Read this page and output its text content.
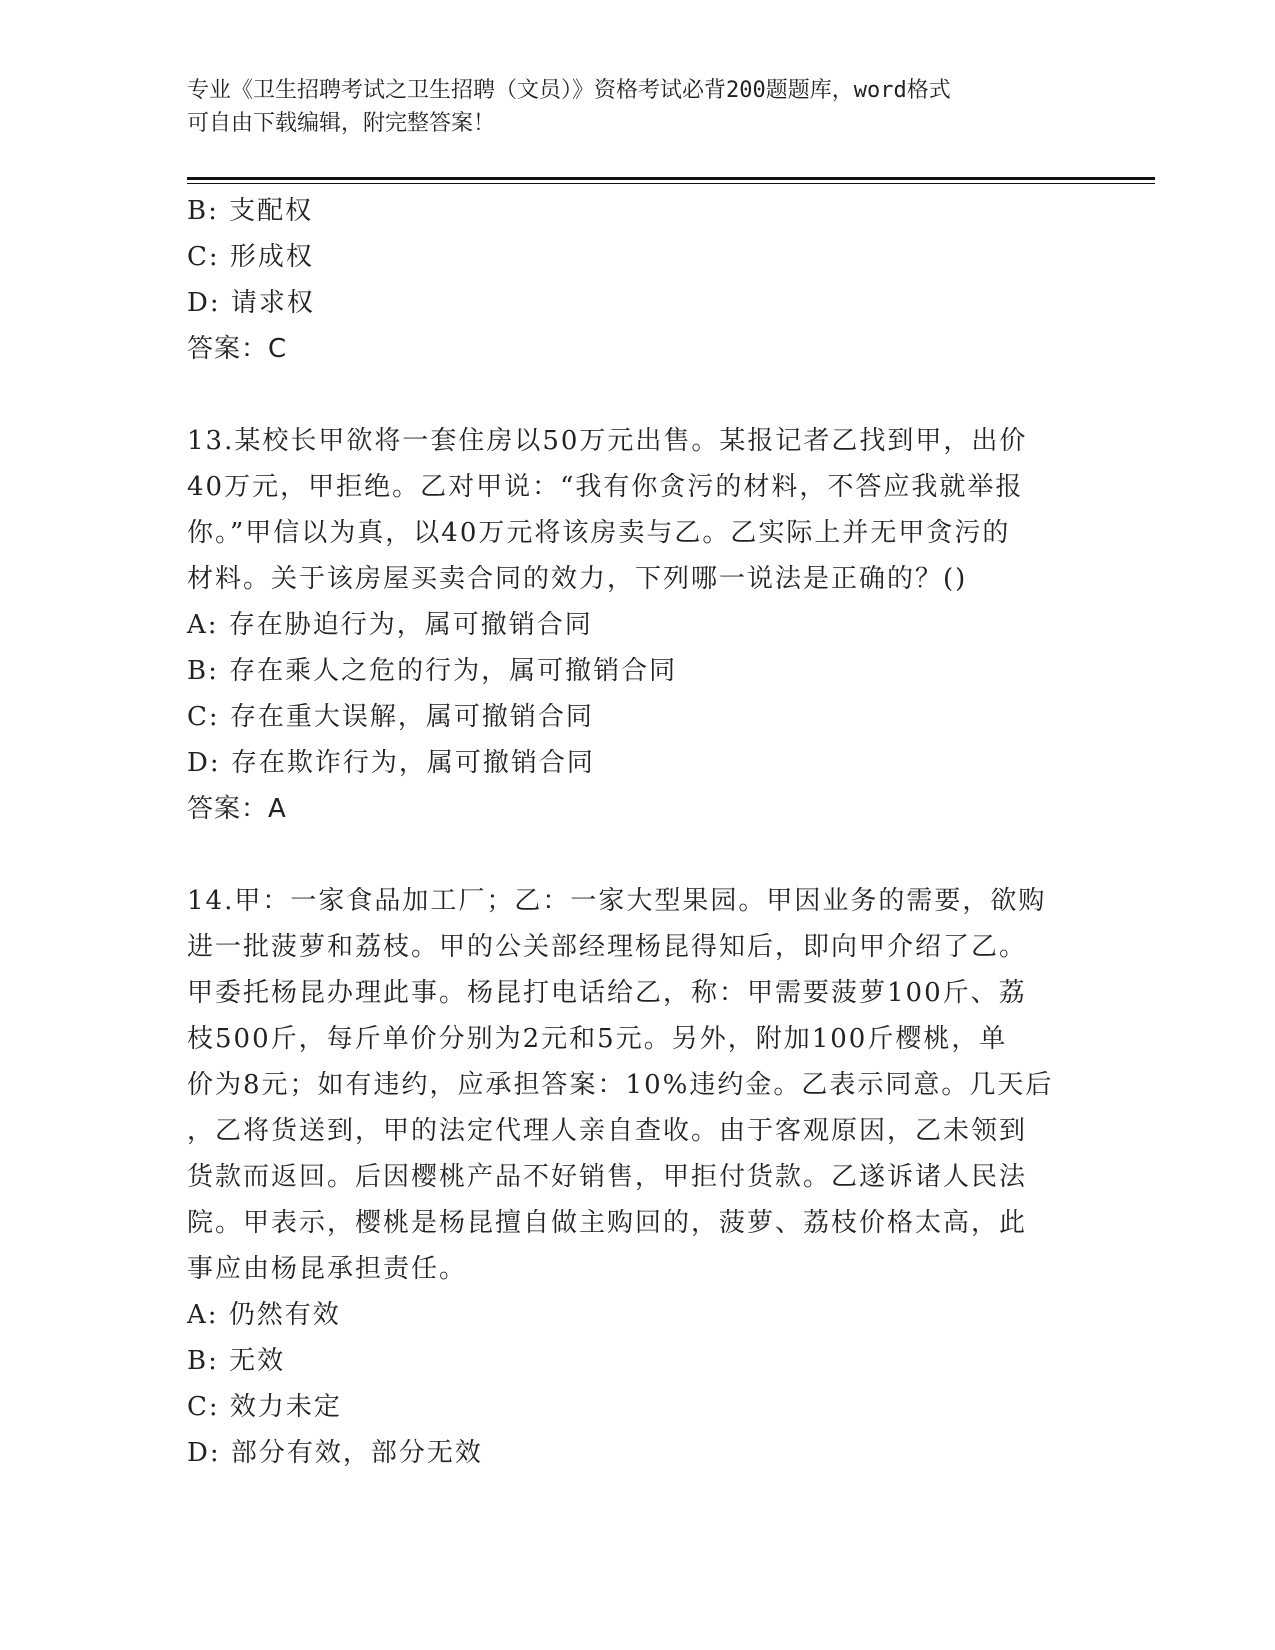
专业《卫生招聘考试之卫生招聘（文员）》资格考试必背200题题库，word格式
可自由下载编辑，附完整答案！
B: 支配权
C: 形成权
D: 请求权
答案：C
13.某校长甲欲将一套住房以50万元出售。某报记者乙找到甲，出价
40万元，甲拒绝。乙对甲说：“我有你贪污的材料，不答应我就举报
你。”甲信以为真，以40万元将该房卖与乙。乙实际上并无甲贪污的
材料。关于该房屋买卖合同的效力，下列哪一说法是正确的？()
A: 存在胁迫行为，属可撤销合同
B: 存在乘人之危的行为，属可撤销合同
C: 存在重大误解，属可撤销合同
D: 存在欺诈行为，属可撤销合同
答案：A
14.甲：一家食品加工厂；乙：一家大型果园。甲因业务的需要，欲购
进一批菠萝和荔枝。甲的公关部经理杨昆得知后，即向甲介绍了乙。
甲委托杨昆办理此事。杨昆打电话给乙，称：甲需要菠萝100斤、荔
枝500斤，每斤单价分别为2元和5元。另外，附加100斤樱桃，单
价为8元；如有违约，应承担答案：10%违约金。乙表示同意。几天后
，乙将货送到，甲的法定代理人亲自查收。由于客观原因，乙未领到
货款而返回。后因樱桃产品不好销售，甲拒付货款。乙遂诉诸人民法
院。甲表示，樱桃是杨昆擅自做主购回的，菠萝、荔枝价格太高，此
事应由杨昆承担责任。
A: 仍然有效
B: 无效
C: 效力未定
D: 部分有效，部分无效
